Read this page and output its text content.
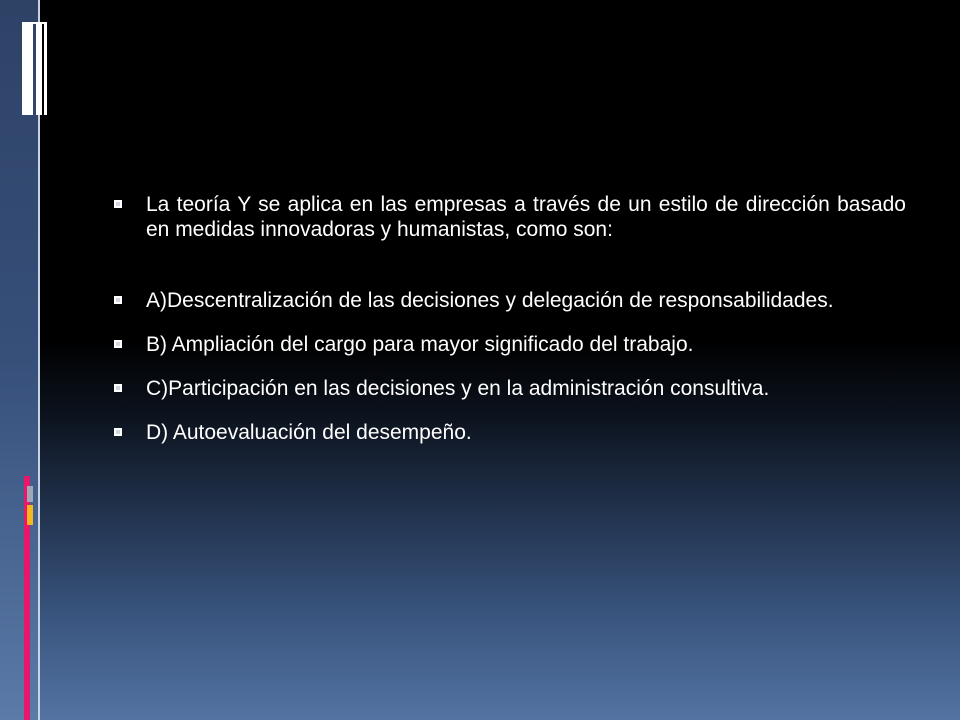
La teoría Y se aplica en las empresas a través de un estilo de dirección basado en medidas innovadoras y humanistas, como son:
A)Descentralización de las decisiones y delegación de responsabilidades.
B) Ampliación del cargo para mayor significado del trabajo.
C)Participación en las decisiones y en la administración consultiva.
D) Autoevaluación del desempeño.
